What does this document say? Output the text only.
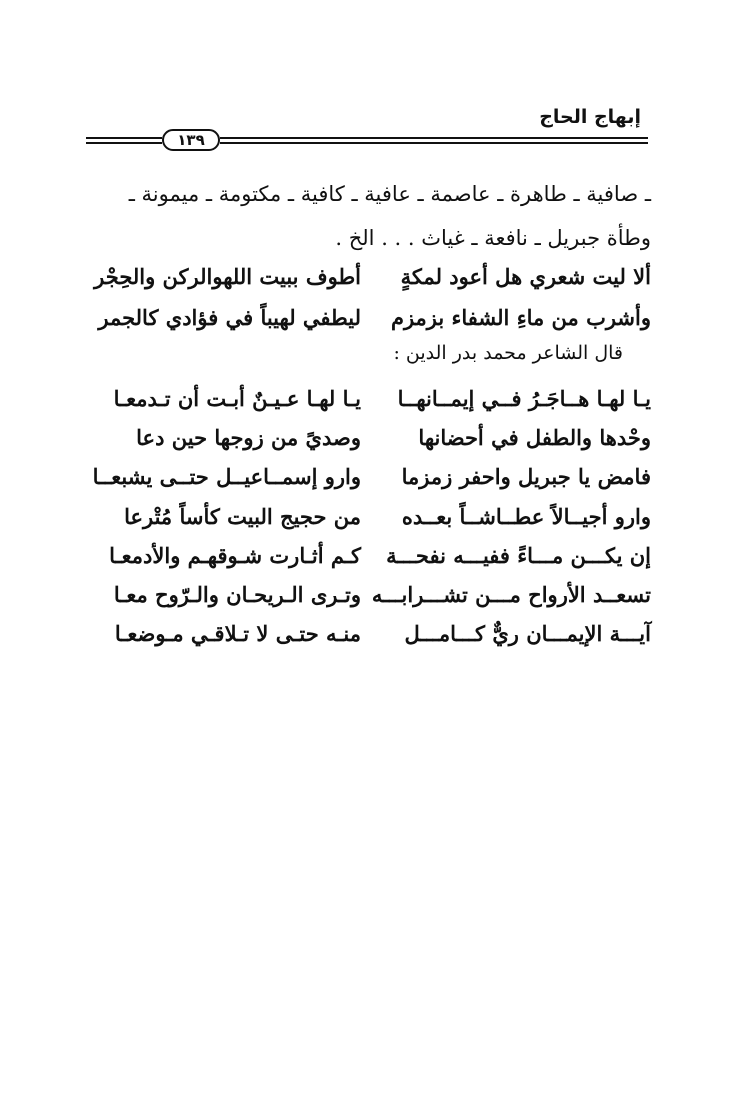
إبهاج الحاج
١٣٩
ـ صافية ـ طاهرة ـ عاصمة ـ عافية ـ كافية ـ مكتومة ـ ميمونة ـ
وطأة جبريل ـ نافعة ـ غياث . . . الخ .
ألا ليت شعري هل أعود لمكةٍ
أطوف ببيت اللهوالركن والحِجْر
وأشرب من ماءِ الشفاء بزمزم
ليطفي لهيباً في فؤادي كالجمر
قال الشاعر محمد بدر الدين :
يـا لهـا هــاجَـرُ فــي إيمــانهــا
يـا لهـا عـيـنٌ أبـت أن تـدمعـا
وحْدها والطفل في أحضانها
وصديً من زوجها حين دعا
فامض يا جبريل واحفر زمزما
وارو إسمــاعيــل حتــى يشبعــا
وارو أجيــالاً عطــاشــاً بعــده
من حجيج البيت كأساً مُتْرعا
إن يكـــن مـــاءً ففيـــه نفحـــة
كـم أثـارت شـوقهـم والأدمعـا
تسعــد الأرواح مـــن تشـــرابـــه
وتـرى الـريحـان والـرّوح معـا
آيـــة الإيمـــان ريٌّ كـــامـــل
منـه حتـى لا تـلاقـي مـوضعـا
